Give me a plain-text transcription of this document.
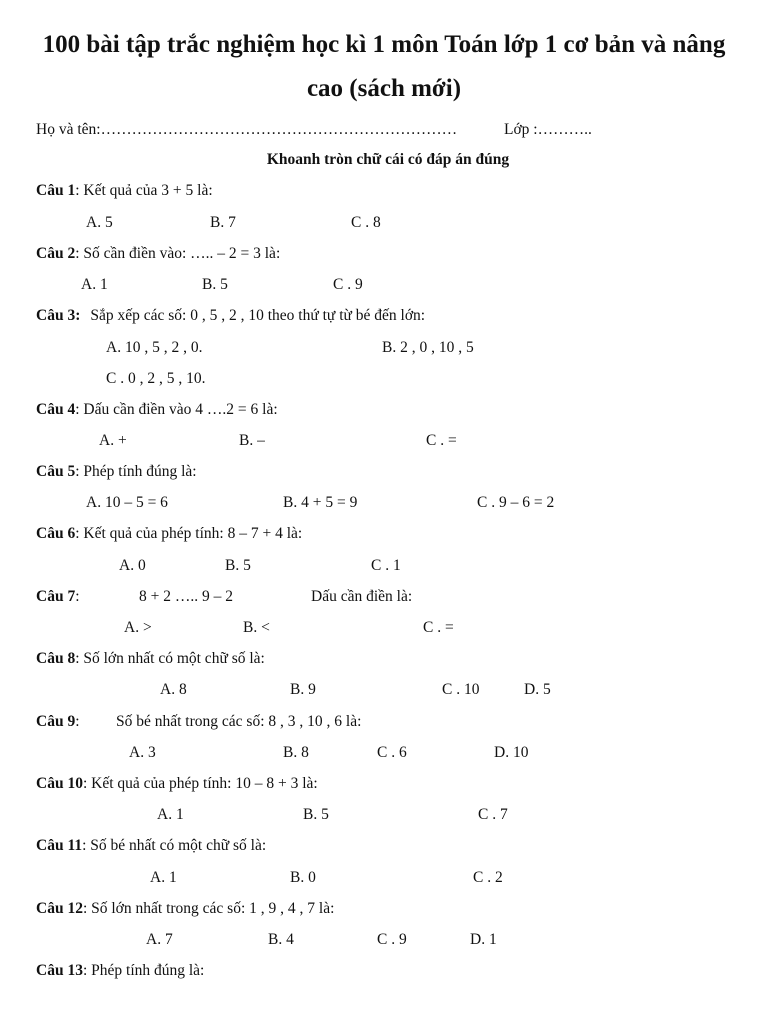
100 bài tập trắc nghiệm học kì 1 môn Toán lớp 1 cơ bản và nâng
cao (sách mới)
Họ và tên:……………………………………………………………	Lớp :………..
Khoanh tròn chữ cái có đáp án đúng
Câu 1: Kết quả của 3 + 5 là:
A. 5	B. 7	C . 8
Câu 2: Số cần điền vào: ….. – 2 = 3 là:
A. 1	B. 5	C . 9
Câu 3: Sắp xếp các số: 0 , 5 , 2 , 10 theo thứ tự từ bé đến lớn:
A. 10 , 5 , 2 , 0.	B. 2 , 0 , 10 , 5
C . 0 , 2 , 5 , 10.
Câu 4: Dấu cần điền vào 4 ….2 = 6 là:
A. +	B. –	C . =
Câu 5: Phép tính đúng là:
A. 10 – 5 = 6	B. 4 + 5 = 9	C . 9 – 6 = 2
Câu 6: Kết quả của phép tính: 8 – 7 + 4 là:
A. 0	B. 5	C . 1
Câu 7:	8 + 2 ….. 9 – 2	Dấu cần điền là:
A. >	B. <	C . =
Câu 8: Số lớn nhất có một chữ số là:
A. 8	B. 9	C . 10	D. 5
Câu 9: Số bé nhất trong các số: 8 , 3 , 10 , 6 là:
A. 3	B. 8	C . 6	D. 10
Câu 10: Kết quả của phép tính: 10 – 8 + 3 là:
A. 1	B. 5	C . 7
Câu 11: Số bé nhất có một chữ số là:
A. 1	B. 0	C . 2
Câu 12: Số lớn nhất trong các số: 1 , 9 , 4 , 7 là:
A. 7	B. 4	C . 9	D. 1
Câu 13: Phép tính đúng là:
